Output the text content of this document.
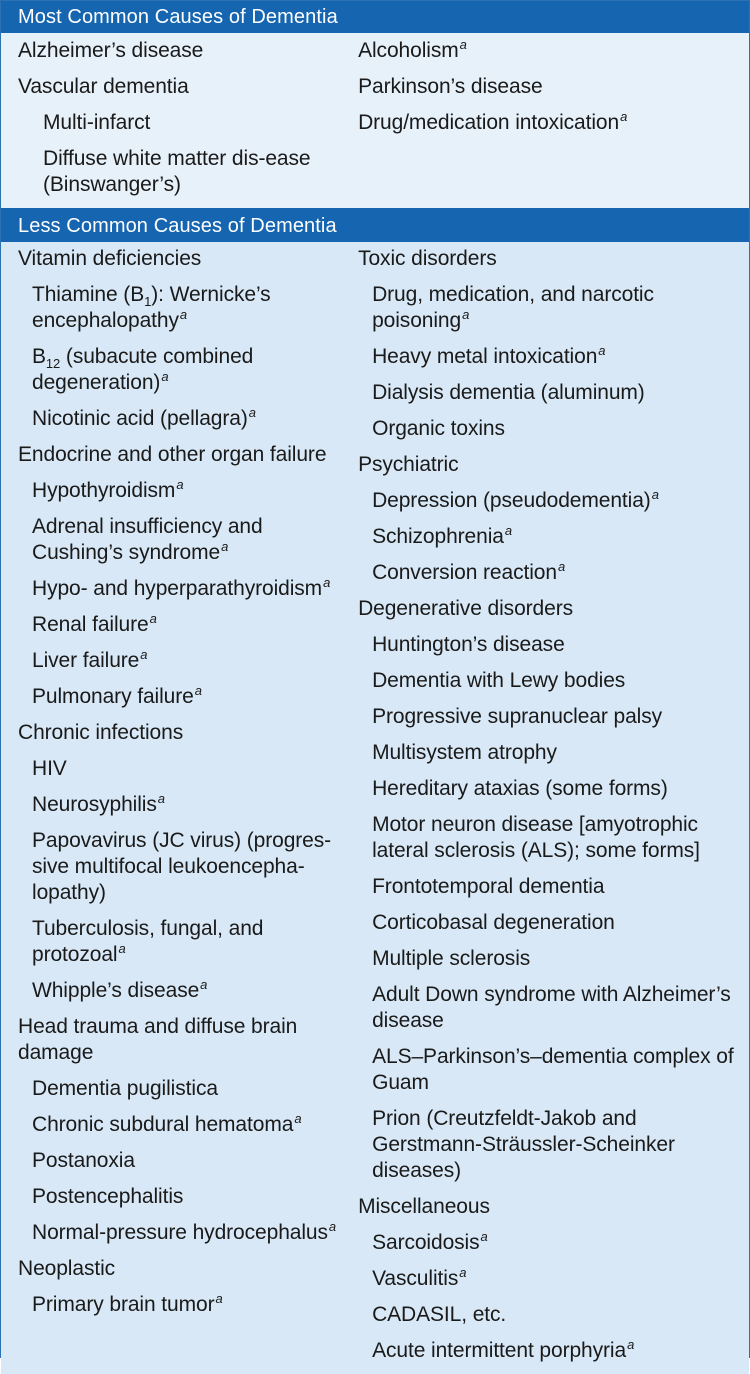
Most Common Causes of Dementia
Alzheimer’s disease
Vascular dementia
Multi-infarct
Diffuse white matter dis-ease (Binswanger’s)
Alcoholism$^a$
Parkinson’s disease
Drug/medication intoxication$^a$
Less Common Causes of Dementia
Vitamin deficiencies
Thiamine $(B_1)$: Wernicke’s encephalopathy$^a$
$B_{12}$ (subacute combined degeneration)$^a$
Nicotinic acid (pellagra)$^a$
Endocrine and other organ failure
Hypothyroidism$^a$
Adrenal insufficiency and Cushing’s syndrome$^a$
Hypo- and hyperparathyroidism$^a$
Renal failure$^a$
Liver failure$^a$
Pulmonary failure$^a$
Chronic infections
HIV
Neurosyphilis$^a$
Papovavirus (JC virus) (progres-sive multifocal leukoencepha-lopathy)
Tuberculosis, fungal, and protozoal$^a$
Whipple’s disease$^a$
Head trauma and diffuse brain damage
Dementia pugilistica
Chronic subdural hematoma$^a$
Postanoxia
Postencephalitis
Normal-pressure hydrocephalus$^a$
Neoplastic
Primary brain tumor$^a$
Toxic disorders
Drug, medication, and narcotic poisoning$^a$
Heavy metal intoxication$^a$
Dialysis dementia (aluminum)
Organic toxins
Psychiatric
Depression (pseudodementia)$^a$
Schizophrenia$^a$
Conversion reaction$^a$
Degenerative disorders
Huntington’s disease
Dementia with Lewy bodies
Progressive supranuclear palsy
Multisystem atrophy
Hereditary ataxias (some forms)
Motor neuron disease [amyotrophic lateral sclerosis (ALS); some forms]
Frontotemporal dementia
Corticobasal degeneration
Multiple sclerosis
Adult Down syndrome with Alzheimer’s disease
ALS–Parkinson’s–dementia complex of Guam
Prion (Creutzfeldt-Jakob and Gerstmann-Sträussler-Scheinker diseases)
Miscellaneous
Sarcoidosis$^a$
Vasculitis$^a$
CADASIL, etc.
Acute intermittent porphyria$^a$
